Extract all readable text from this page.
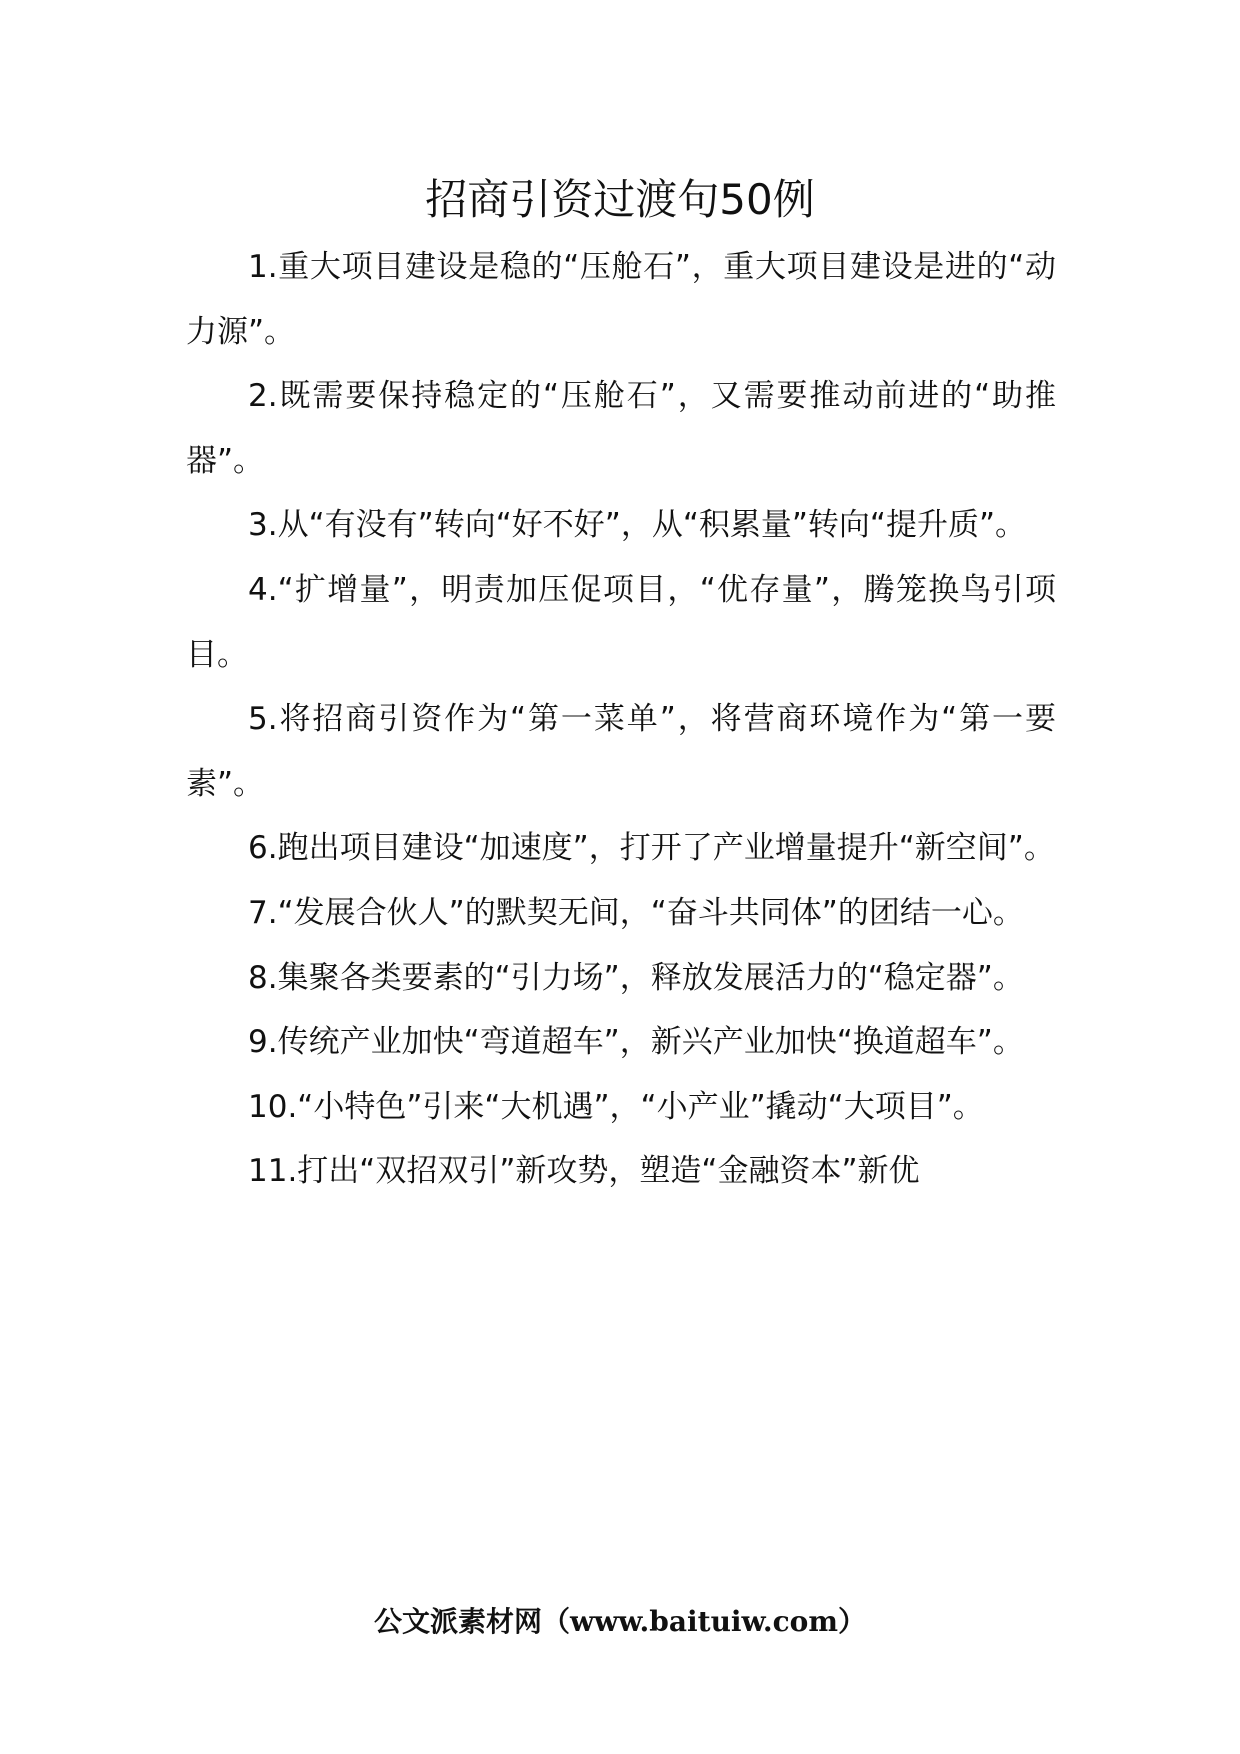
招商引资过渡句50例

1.重大项目建设是稳的“压舱石”，重大项目建设是进的“动力源”。

2.既需要保持稳定的“压舱石”，又需要推动前进的“助推器”。

3.从“有没有”转向“好不好”，从“积累量”转向“提升质”。

4.“扩增量”，明责加压促项目，“优存量”，腾笼换鸟引项目。

5.将招商引资作为“第一菜单”，将营商环境作为“第一要素”。

6.跑出项目建设“加速度”，打开了产业增量提升“新空间”。

7.“发展合伙人”的默契无间，“奋斗共同体”的团结一心。

8.集聚各类要素的“引力场”，释放发展活力的“稳定器”。

9.传统产业加快“弯道超车”，新兴产业加快“换道超车”。

10.“小特色”引来“大机遇”，“小产业”撬动“大项目”。

11.打出“双招双引”新攻势，塑造“金融资本”新优

公文派素材网（www.baituiw.com）
